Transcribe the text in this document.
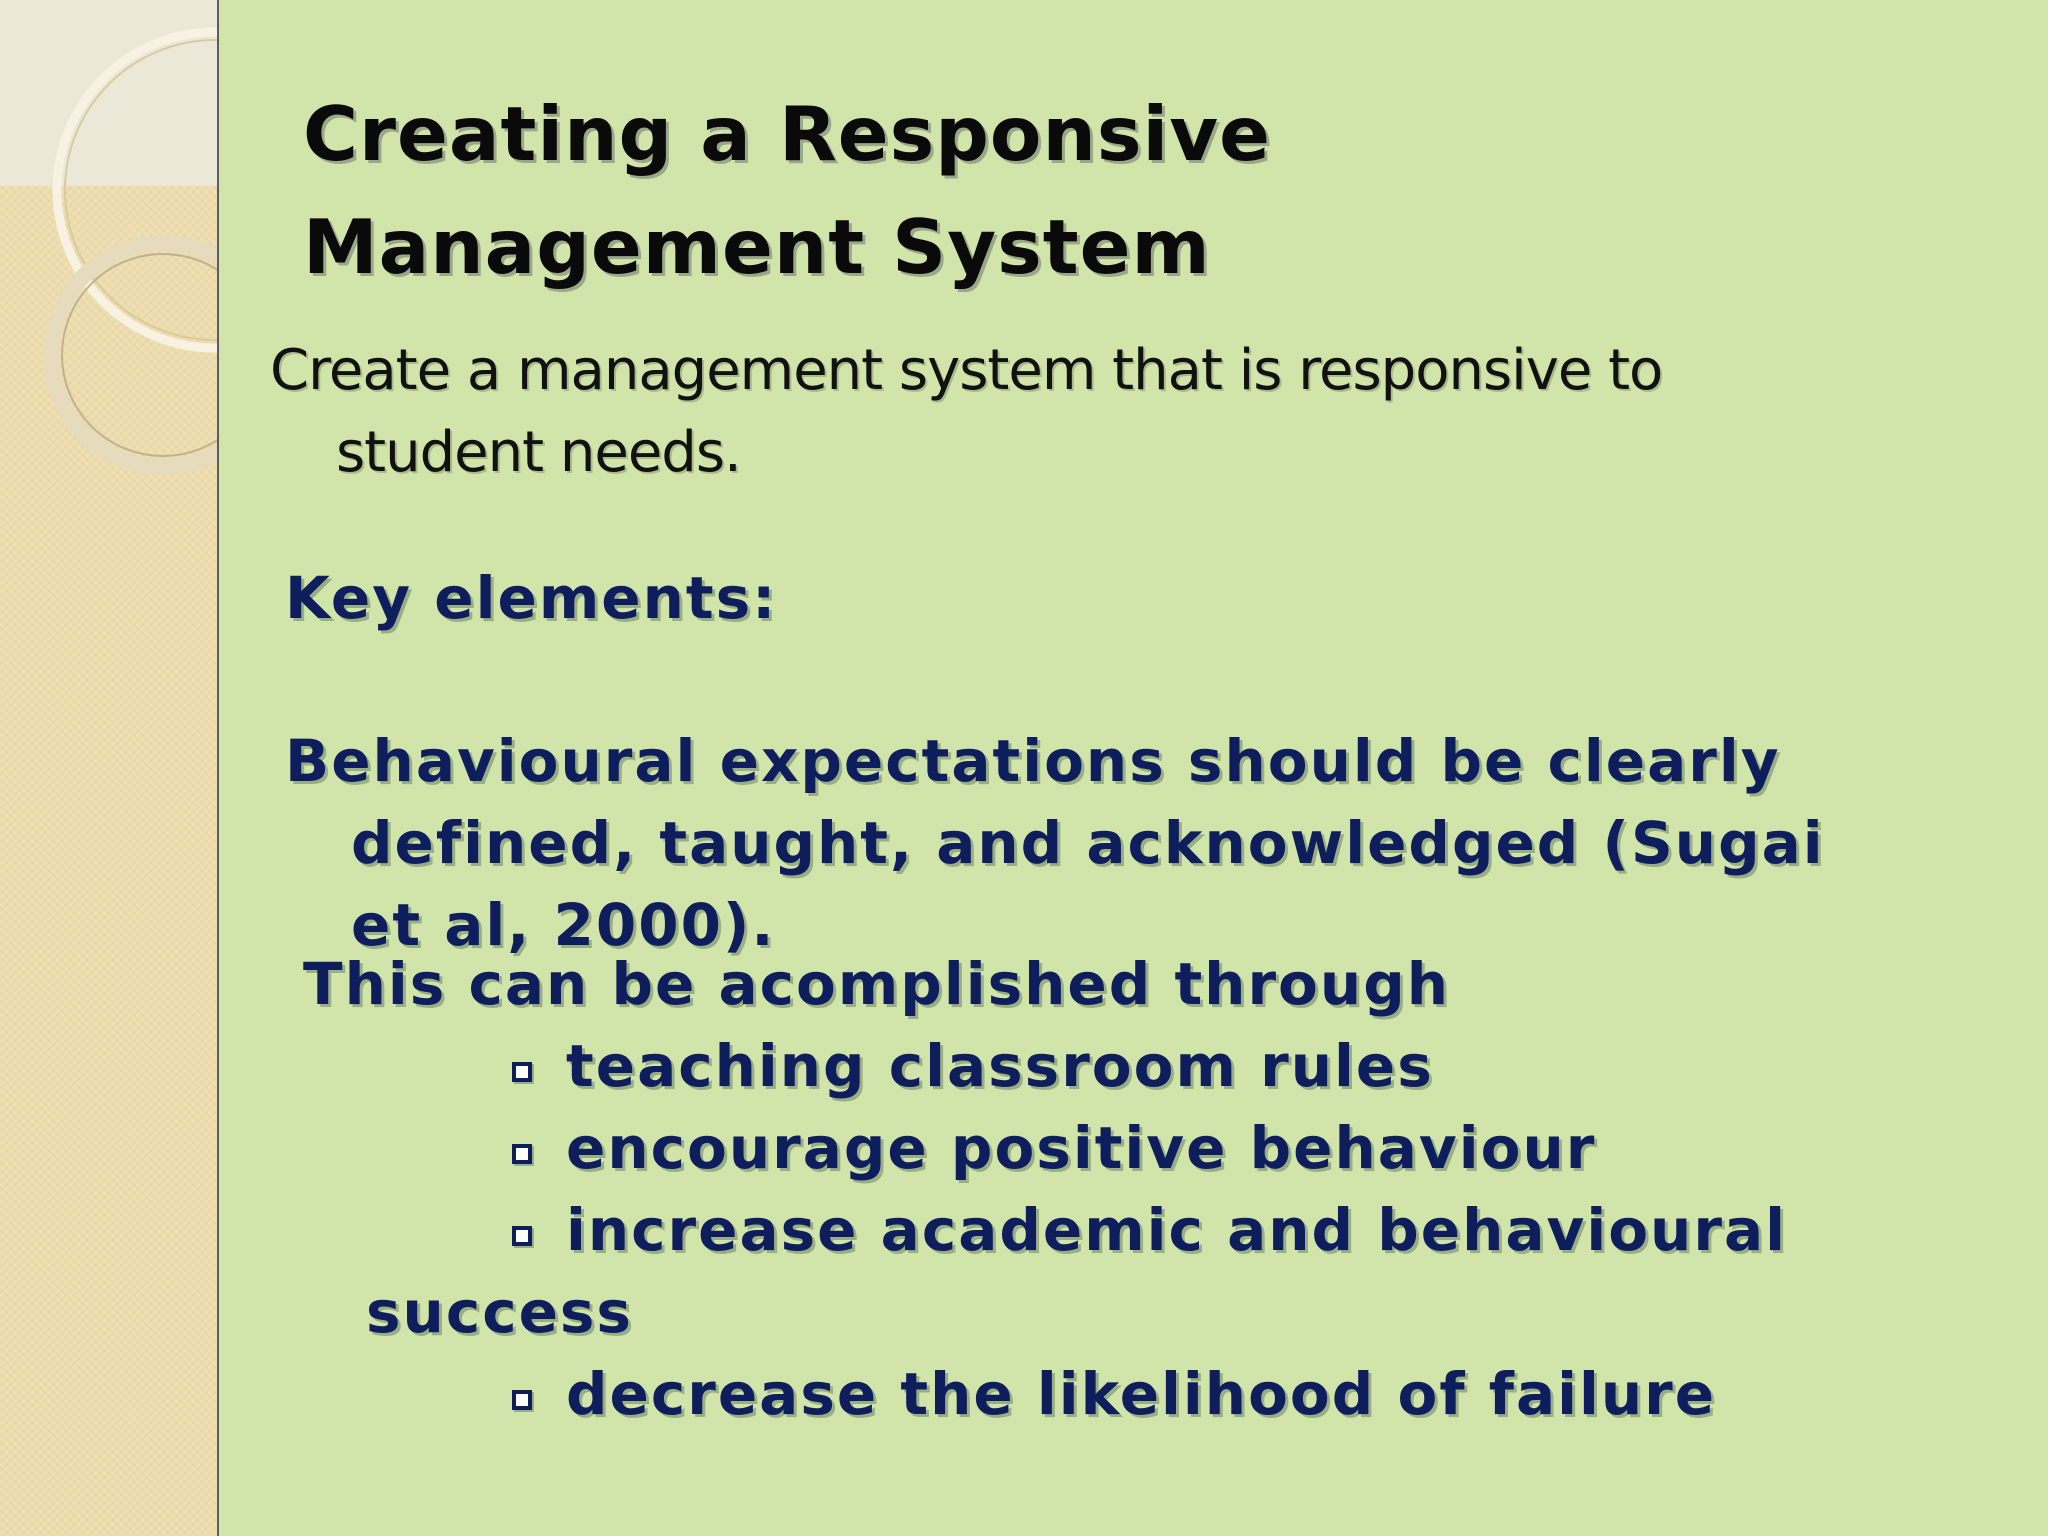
Creating a Responsive
Management System

Create a management system that is responsive to

student needs.

Key elements:

Behavioural expectations should be clearly

defined, taught, and acknowledged (Sugai

et al, 2000).

This can be acomplished through

teaching classroom rules
encourage positive behaviour
increase academic and behavioural

success

decrease the likelihood of failure
